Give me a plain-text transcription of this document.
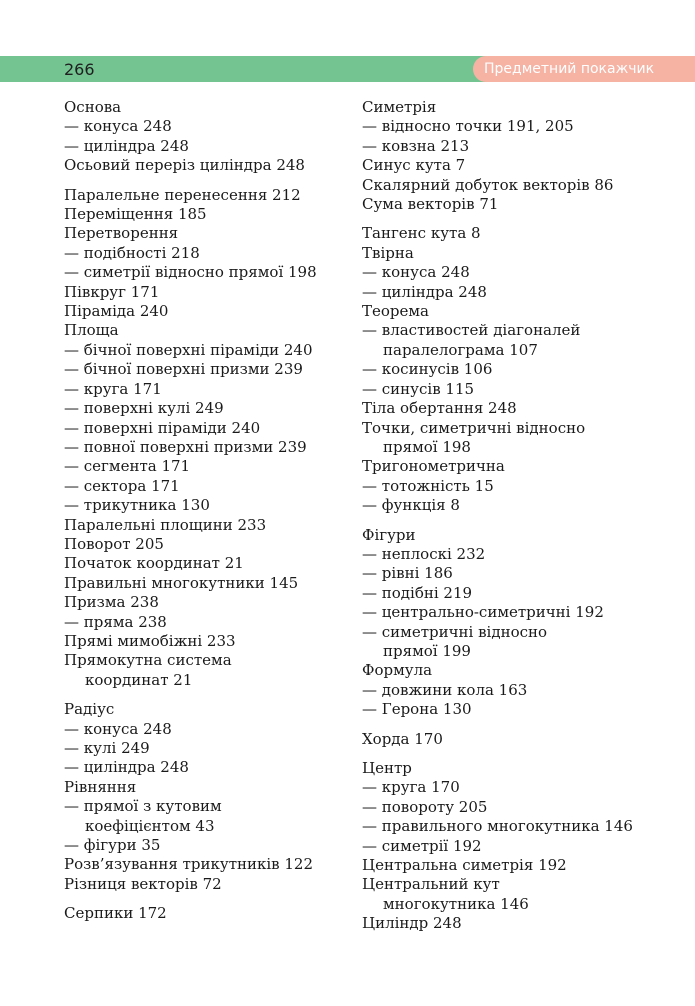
266	Предметний покажчик
Основа
— конуса 248
— циліндра 248
Осьовий переріз циліндра 248
Паралельне перенесення 212
Переміщення 185
Перетворення
— подібності 218
— симетрії відносно прямої 198
Півкруг 171
Піраміда 240
Площа
— бічної поверхні піраміди 240
— бічної поверхні призми 239
— круга 171
— поверхні кулі 249
— поверхні піраміди 240
— повної поверхні призми 239
— сегмента 171
— сектора 171
— трикутника 130
Паралельні площини 233
Поворот 205
Початок координат 21
Правильні многокутники 145
Призма 238
— пряма 238
Прямі мимобіжні 233
Прямокутна система
координат 21
Радіус
— конуса 248
— кулі 249
— циліндра 248
Рівняння
— прямої з кутовим
коефіцієнтом 43
— фігури 35
Розв’язування трикутників 122
Різниця векторів 72
Серпики 172
Симетрія
— відносно точки 191, 205
— ковзна 213
Синус кута 7
Скалярний добуток векторів 86
Сума векторів 71
Тангенс кута 8
Твірна
— конуса 248
— циліндра 248
Теорема
— властивостей діагоналей
паралелограма 107
— косинусів 106
— синусів 115
Тіла обертання 248
Точки, симетричні відносно
прямої 198
Тригонометрична
— тотожність 15
— функція 8
Фігури
— неплоскі 232
— рівні 186
— подібні 219
— центрально-симетричні 192
— симетричні відносно
прямої 199
Формула
— довжини кола 163
— Герона 130
Хорда 170
Центр
— круга 170
— повороту 205
— правильного многокутника 146
— симетрії 192
Центральна симетрія 192
Центральний кут
многокутника 146
Циліндр 248
